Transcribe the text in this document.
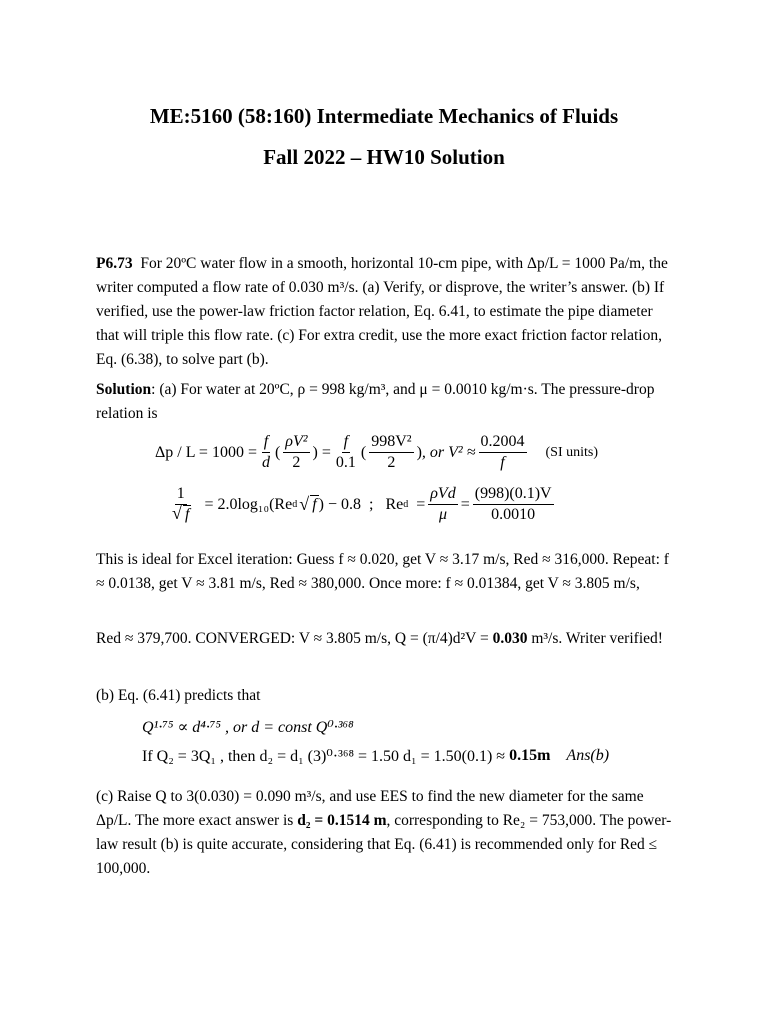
ME:5160 (58:160) Intermediate Mechanics of Fluids
Fall 2022 – HW10 Solution

P6.73 For 20ºC water flow in a smooth, horizontal 10-cm pipe, with Δp/L = 1000 Pa/m, the writer computed a flow rate of 0.030 m³/s. (a) Verify, or disprove, the writer’s answer. (b) If verified, use the power-law friction factor relation, Eq. 6.41, to estimate the pipe diameter that will triple this flow rate. (c) For extra credit, use the more exact friction factor relation, Eq. (6.38), to solve part (b).

Solution: (a) For water at 20ºC, ρ = 998 kg/m³, and μ = 0.0010 kg/m·s. The pressure-drop relation is

$\Delta p / L = 1000 = \frac{f}{d}$ ( $\frac{\text{ρV²}}{2}$ ) = $\frac{f}{0.1}$ ( $\frac{\text{998V²}}{2}$ ) , or $V^2 \approx \frac{0.2004}{f} (SI$ units)
1
√ f = 2.0log₁₀(Re d
√ f ) − 0.8  ;   Re $d = \frac{\text{ρVd}}{\mu} = \frac{(998)(0.1)V}{0.0010}$

This is ideal for Excel iteration: Guess f ≈ 0.020, get V ≈ 3.17 m/s, Red ≈ 316,000. Repeat: f ≈ 0.0138, get V ≈ 3.81 m/s, Red ≈ 380,000. Once more: f ≈ 0.01384, get V ≈ 3.805 m/s,

Red ≈ 379,700. CONVERGED: V ≈ 3.805 m/s, Q = (π/4)d²V = 0.030 m³/s. Writer verified!

(b) Eq. (6.41) predicts that

Q¹·⁷⁵ ∝ d⁴·⁷⁵ , or d = const Q⁰·³⁶⁸
If Q₂ = 3Q₁ , then d₂ = d₁ (3)⁰·³⁶⁸ = 1.50 d₁ = 1.50(0.1) ≈ 0.15m Ans(b)

(c) Raise Q to 3(0.030) = 0.090 m³/s, and use EES to find the new diameter for the same Δp/L. The more exact answer is d₂ = 0.1514 m, corresponding to Re₂ = 753,000. The power-law result (b) is quite accurate, considering that Eq. (6.41) is recommended only for Red ≤ 100,000.
